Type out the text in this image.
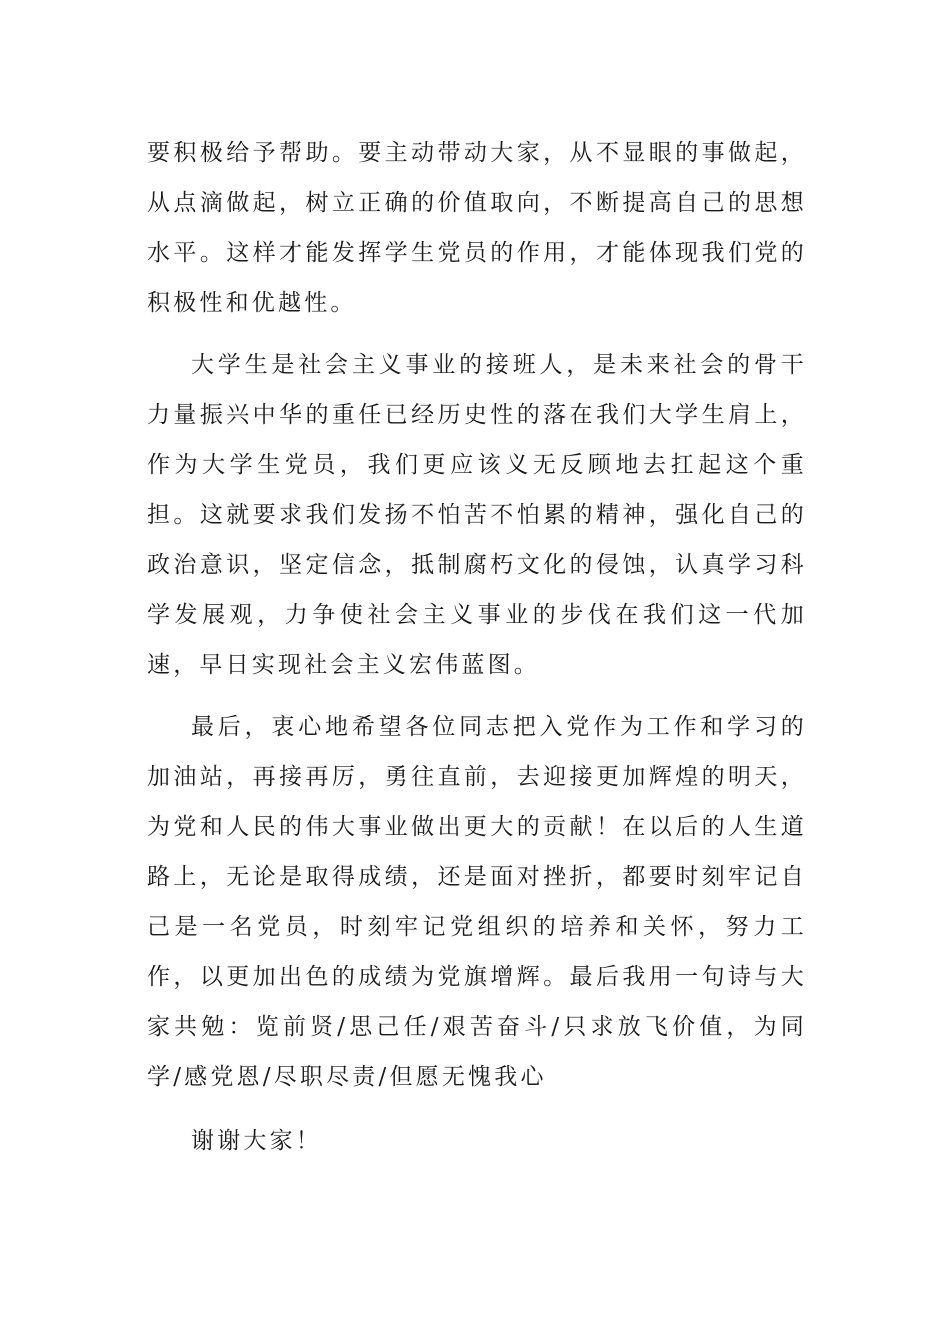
要积极给予帮助。要主动带动大家，从不显眼的事做起，从点滴做起，树立正确的价值取向，不断提高自己的思想水平。这样才能发挥学生党员的作用，才能体现我们党的积极性和优越性。

大学生是社会主义事业的接班人，是未来社会的骨干力量振兴中华的重任已经历史性的落在我们大学生肩上，作为大学生党员，我们更应该义无反顾地去扛起这个重担。这就要求我们发扬不怕苦不怕累的精神，强化自己的政治意识，坚定信念，抵制腐朽文化的侵蚀，认真学习科学发展观，力争使社会主义事业的步伐在我们这一代加速，早日实现社会主义宏伟蓝图。

最后，衷心地希望各位同志把入党作为工作和学习的加油站，再接再厉，勇往直前，去迎接更加辉煌的明天，为党和人民的伟大事业做出更大的贡献！在以后的人生道路上，无论是取得成绩，还是面对挫折，都要时刻牢记自己是一名党员，时刻牢记党组织的培养和关怀，努力工作，以更加出色的成绩为党旗增辉。最后我用一句诗与大家共勉：览前贤/思己任/艰苦奋斗/只求放飞价值，为同学/感党恩/尽职尽责/但愿无愧我心

谢谢大家！
